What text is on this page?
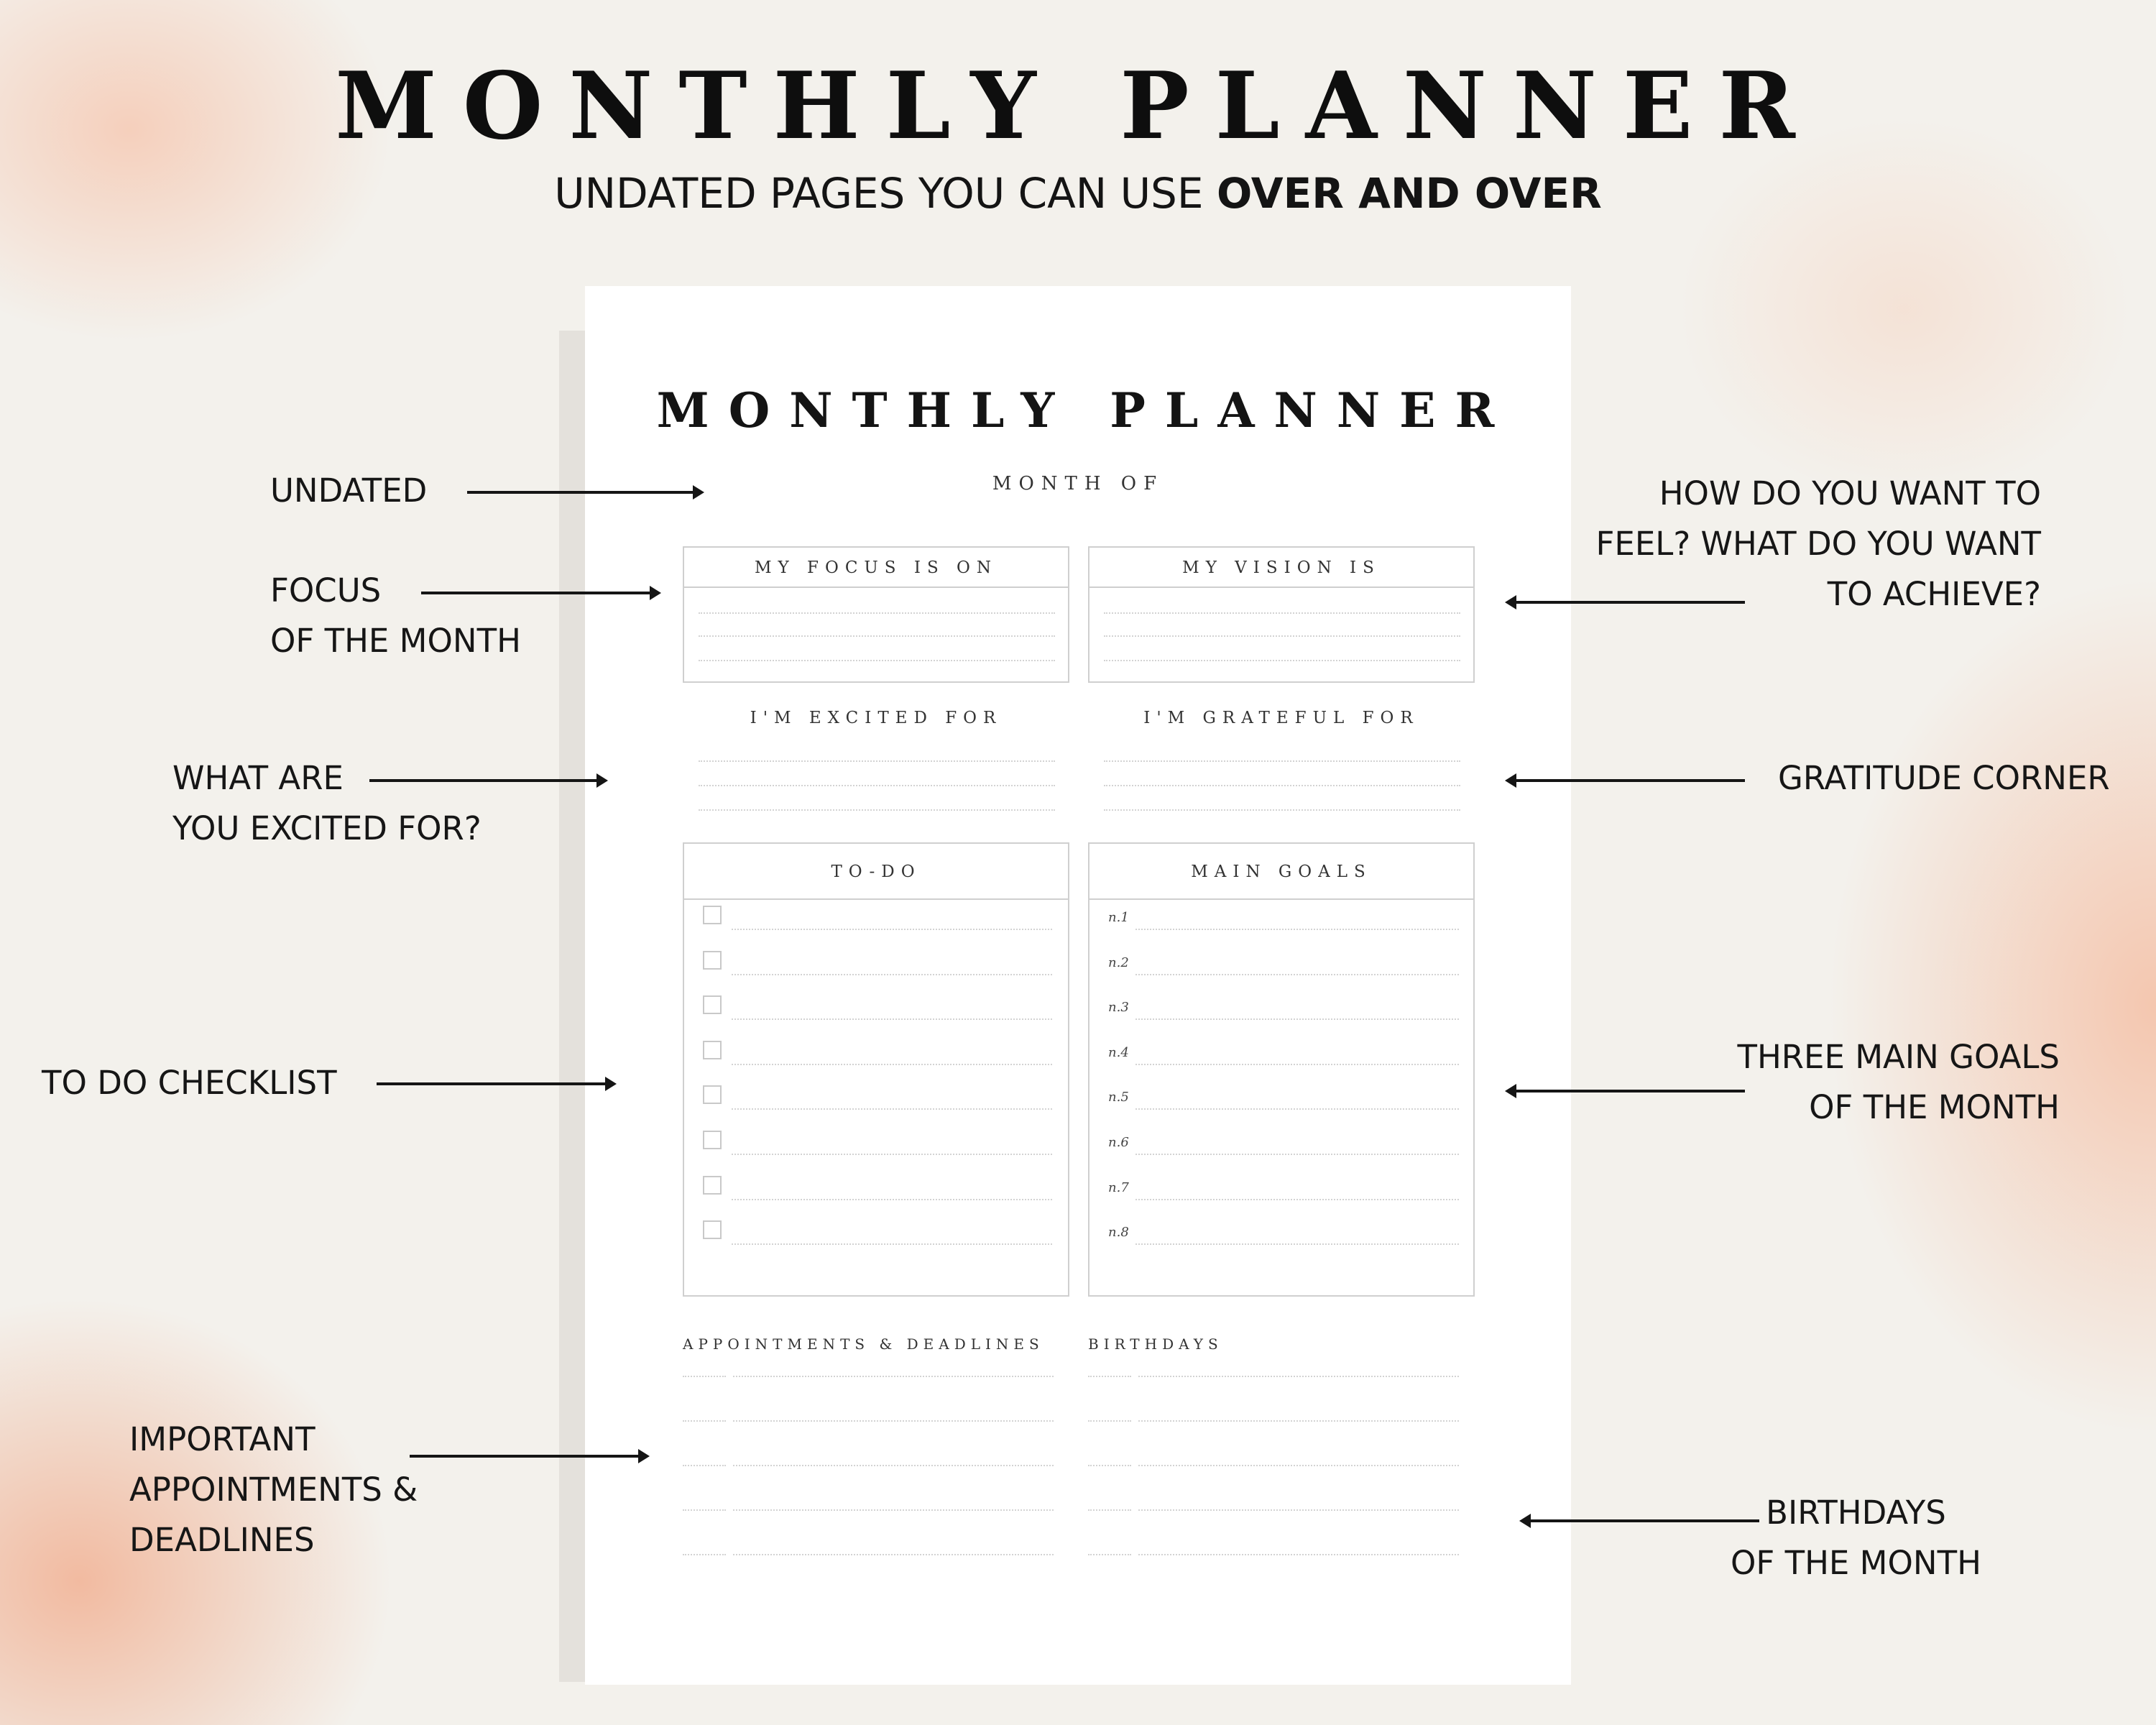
MONTHLY PLANNER
UNDATED PAGES YOU CAN USE OVER AND OVER
MONTHLY PLANNER
MONTH OF
MY FOCUS IS ON	MY VISION IS
I'M EXCITED FOR	I'M GRATEFUL FOR
TO-DO	MAIN GOALS
n.1
n.2
n.3
n.4
n.5
n.6
n.7
n.8
APPOINTMENTS & DEADLINES	BIRTHDAYS
UNDATED
FOCUS
OF THE MONTH
WHAT ARE
YOU EXCITED FOR?
TO DO CHECKLIST
IMPORTANT
APPOINTMENTS &
DEADLINES
HOW DO YOU WANT TO
FEEL? WHAT DO YOU WANT
TO ACHIEVE?
GRATITUDE CORNER
THREE MAIN GOALS
OF THE MONTH
BIRTHDAYS
OF THE MONTH
